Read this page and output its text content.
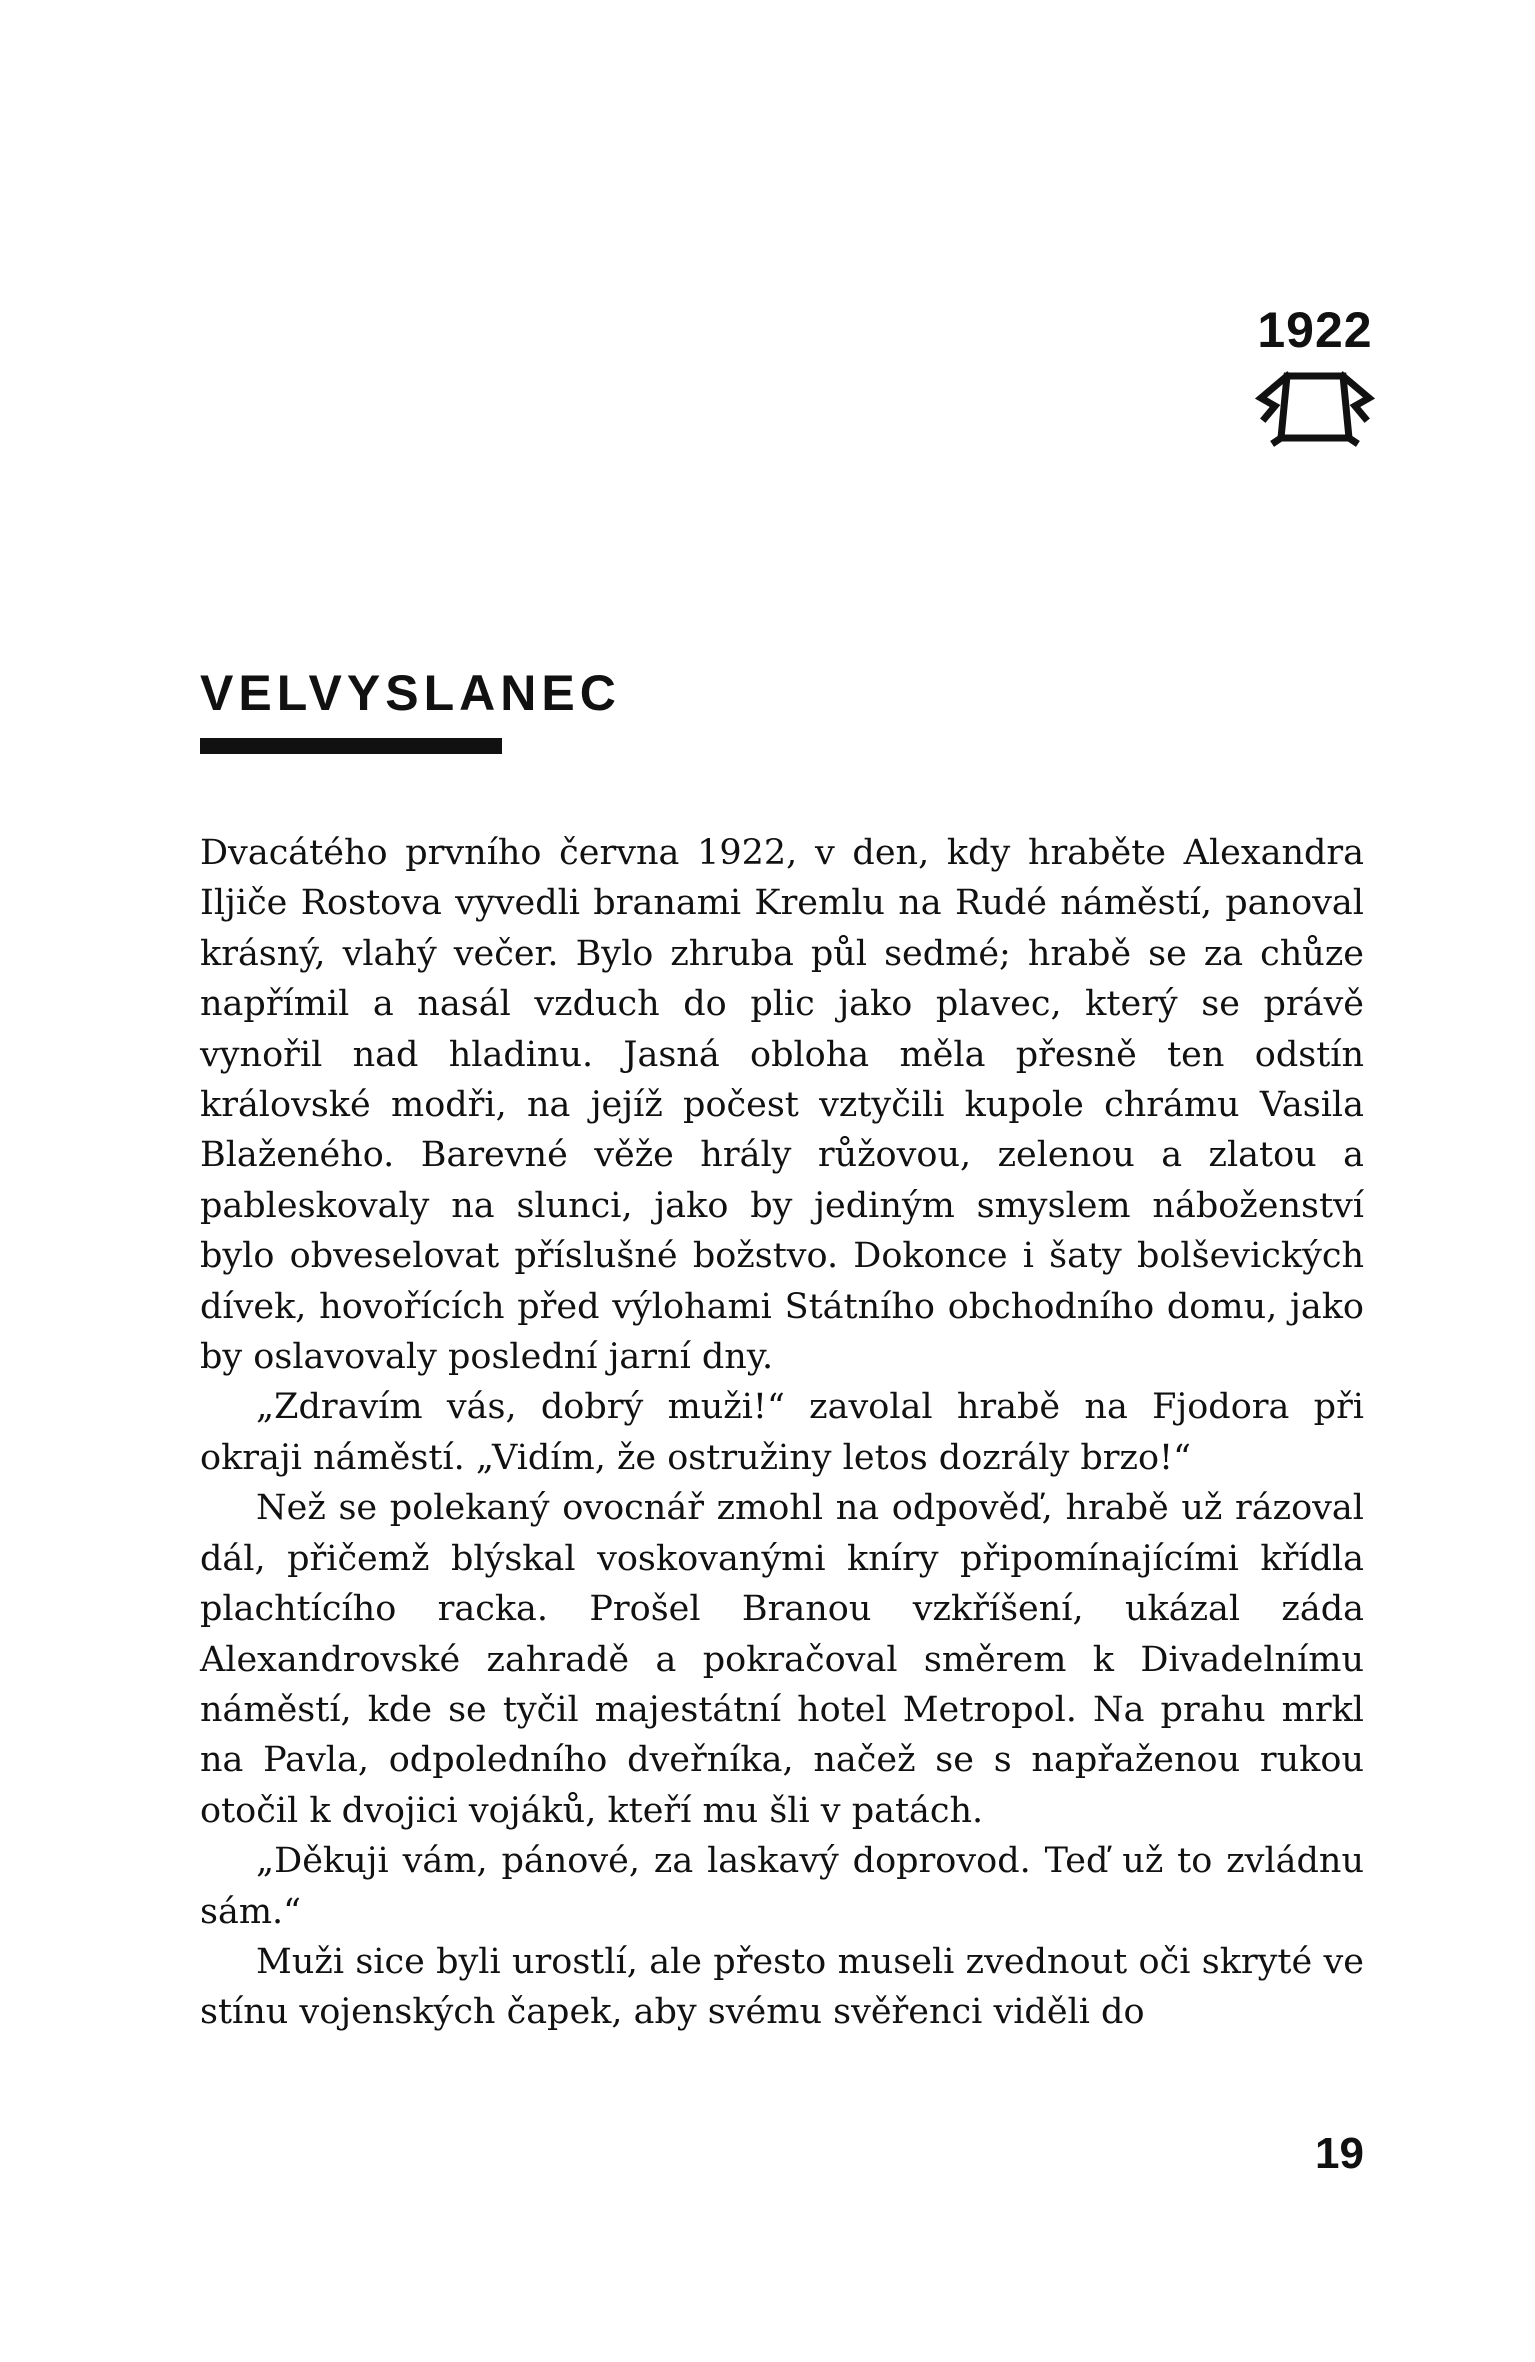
1922
VELVYSLANEC

Dvacátého prvního června 1922, v den, kdy hraběte Alexandra Iljiče Rostova vyvedli branami Kremlu na Rudé náměstí, panoval krásný, vlahý večer. Bylo zhruba půl sedmé; hrabě se za chůze napřímil a nasál vzduch do plic jako plavec, který se právě vynořil nad hladinu. Jasná obloha měla přesně ten odstín královské modři, na jejíž počest vztyčili kupole chrámu Vasila Blaženého. Barevné věže hrály růžovou, zelenou a zlatou a pableskovaly na slunci, jako by jediným smyslem náboženství bylo obveselovat příslušné božstvo. Dokonce i šaty bolševických dívek, hovořících před výlohami Státního obchodního domu, jako by oslavovaly poslední jarní dny.

„Zdravím vás, dobrý muži!“ zavolal hrabě na Fjodora při okraji náměstí. „Vidím, že ostružiny letos dozrály brzo!“

Než se polekaný ovocnář zmohl na odpověď, hrabě už rázoval dál, přičemž blýskal voskovanými kníry připomínajícími křídla plachtícího racka. Prošel Branou vzkříšení, ukázal záda Alexandrovské zahradě a pokračoval směrem k Divadelnímu náměstí, kde se tyčil majestátní hotel Metropol. Na prahu mrkl na Pavla, odpoledního dveřníka, načež se s napřaženou rukou otočil k dvojici vojáků, kteří mu šli v patách.

„Děkuji vám, pánové, za laskavý doprovod. Teď už to zvládnu sám.“

Muži sice byli urostlí, ale přesto museli zvednout oči skryté ve stínu vojenských čapek, aby svému svěřenci viděli do

19
